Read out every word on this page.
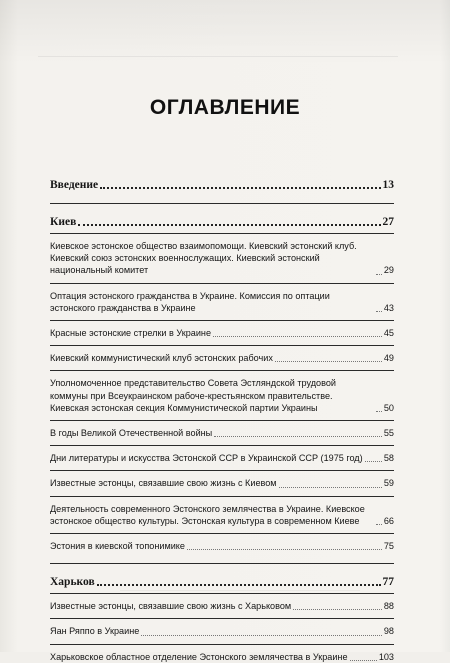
ОГЛАВЛЕНИЕ
Введение	13
Киев	27
Киевское эстонское общество взаимопомощи. Киевский эстонский клуб. Киевский союз эстонских военнослужащих. Киевский эстонский национальный комитет	29
Оптация эстонского гражданства в Украине. Комиссия по оптации эстонского гражданства в Украине	43
Красные эстонские стрелки в Украине	45
Киевский коммунистический клуб эстонских рабочих	49
Уполномоченное представительство Совета Эстляндской трудовой коммуны при Всеукраинском рабоче-крестьянском правительстве. Киевская эстонская секция Коммунистической партии Украины	50
В годы Великой Отечественной войны	55
Дни литературы и искусства Эстонской ССР в Украинской ССР (1975 год) 58
Известные эстонцы, связавшие свою жизнь с Киевом	59
Деятельность современного Эстонского землячества в Украине. Киевское эстонское общество культуры. Эстонская культура в современном Киеве	66
Эстония в киевской топонимике	75
Харьков	77
Известные эстонцы, связавшие свою жизнь с Харьковом	88
Яан Ряппо в Украине	98
Харьковское областное отделение Эстонского землячества в Украине	103
